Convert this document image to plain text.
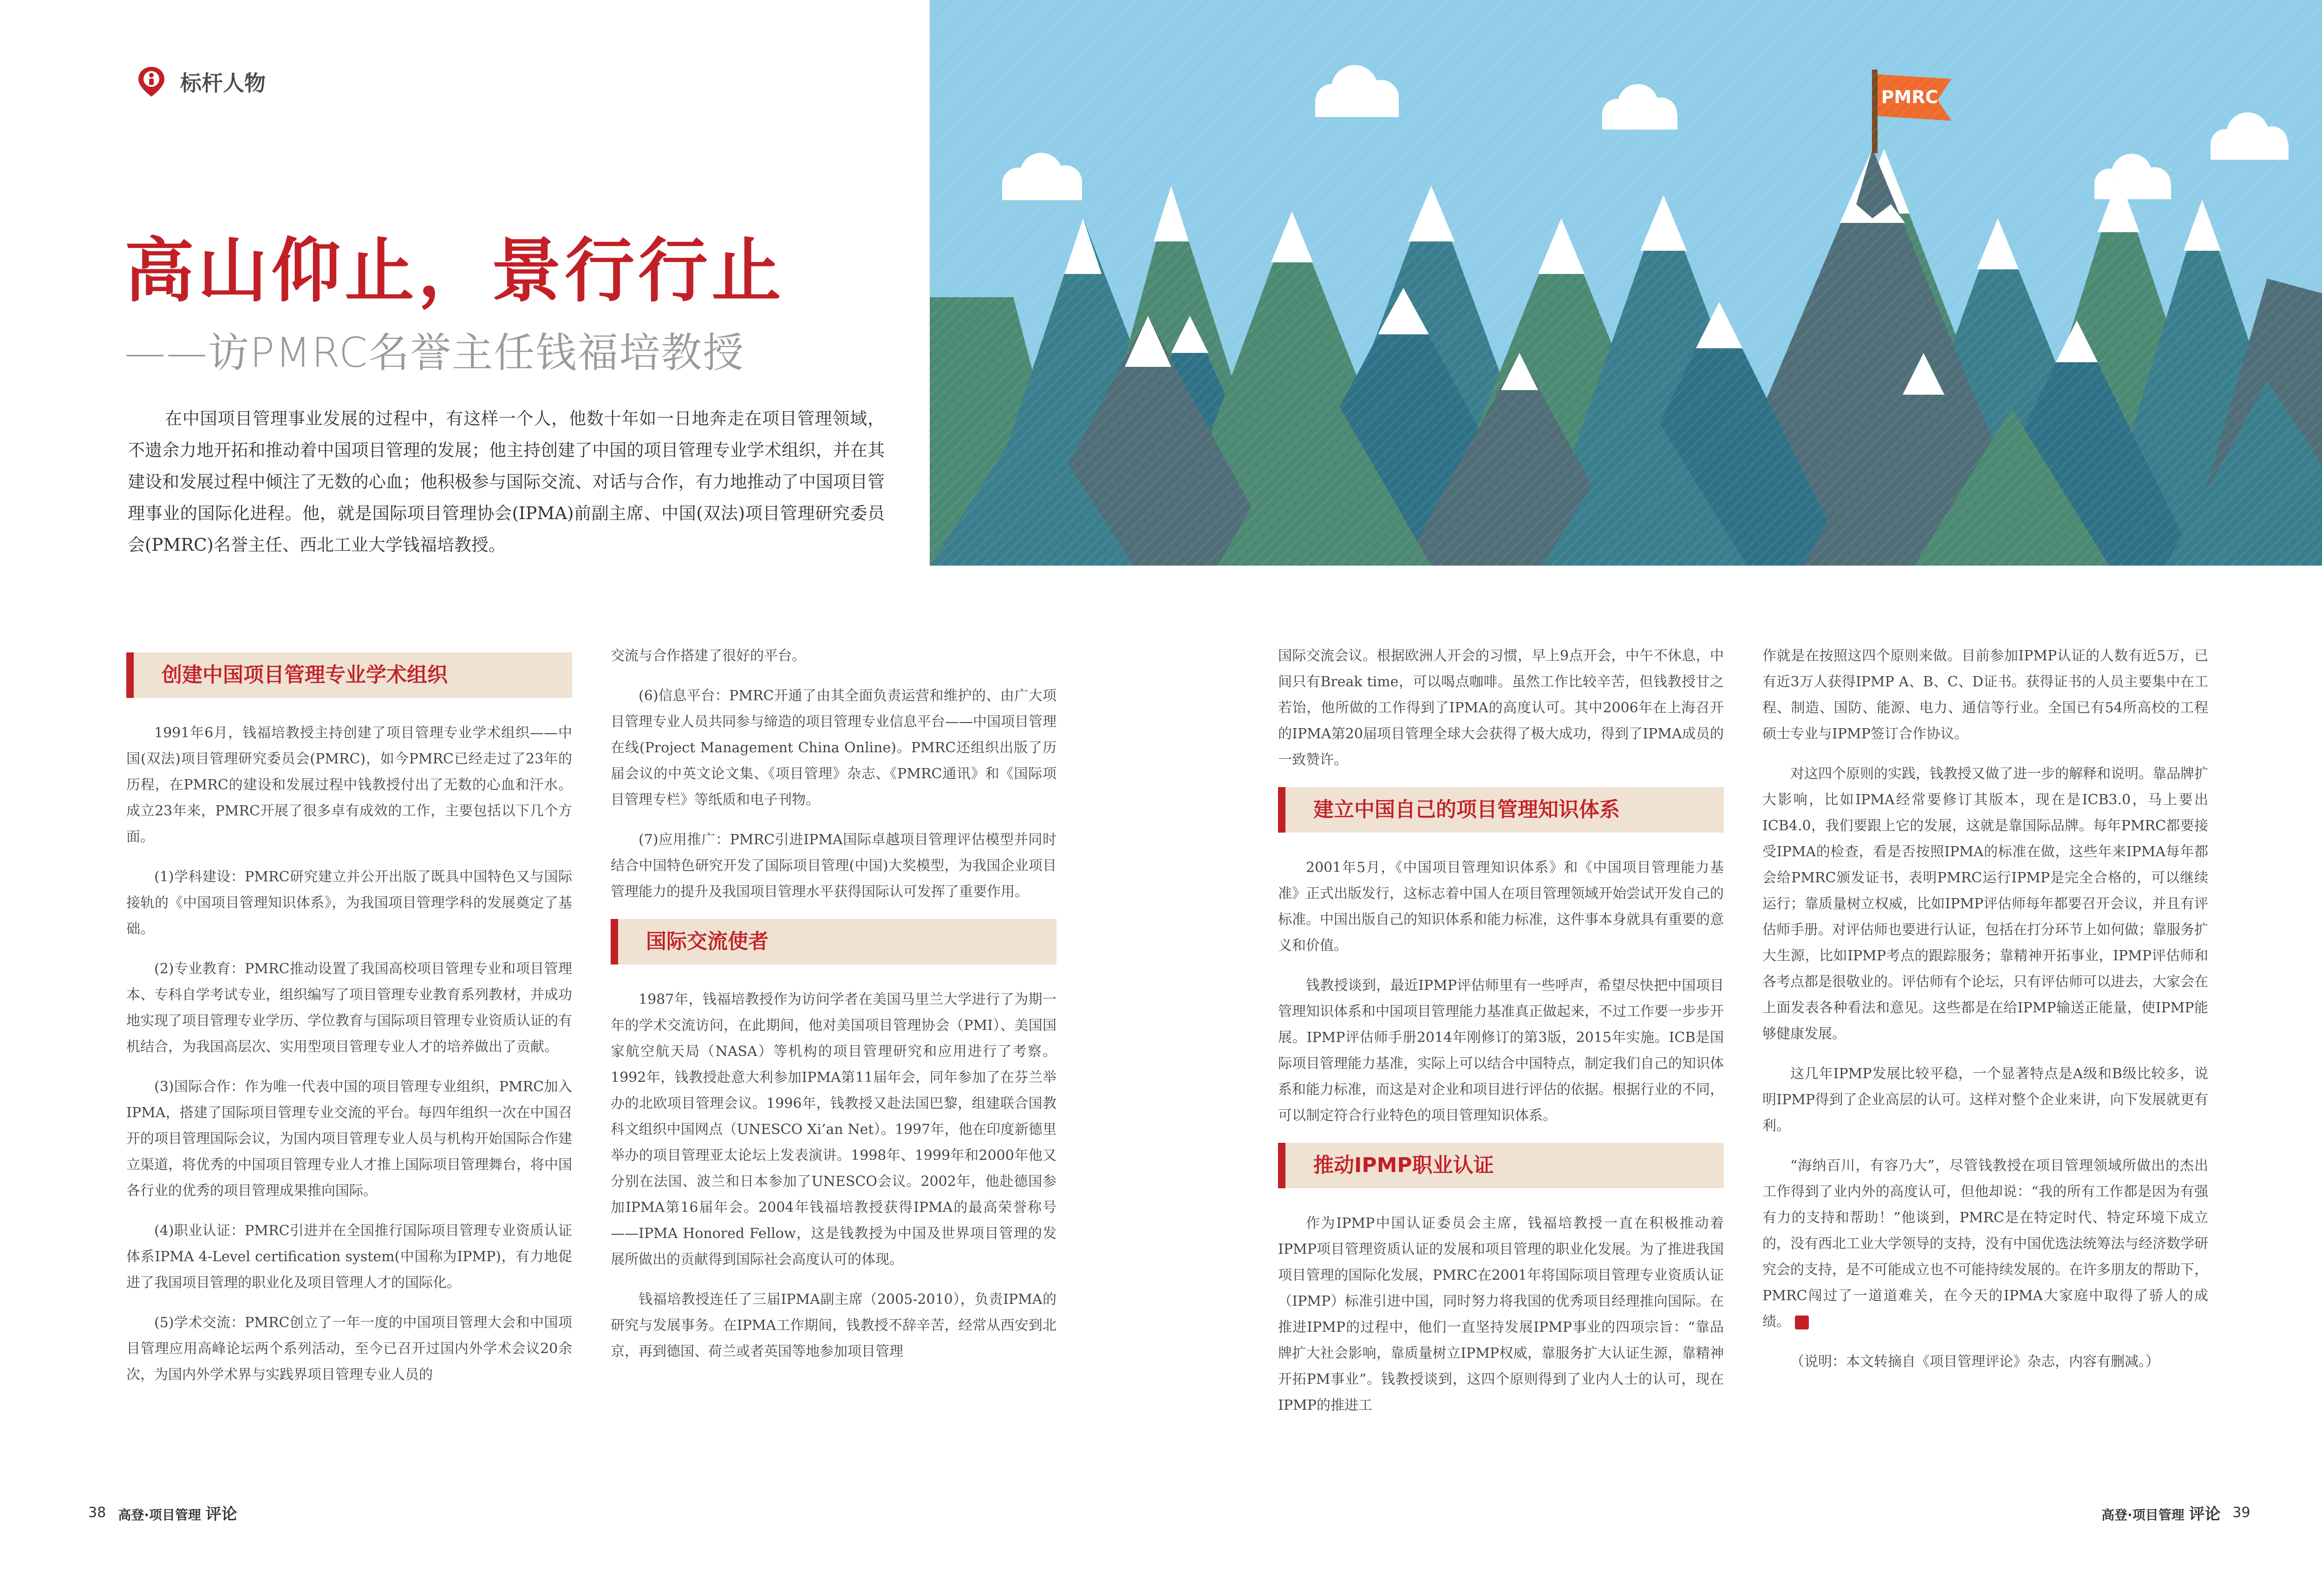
标杆人物
高山仰止，景行行止
——访PMRC名誉主任钱福培教授
在中国项目管理事业发展的过程中，有这样一个人，他数十年如一日地奔走在项目管理领域，不遗余力地开拓和推动着中国项目管理的发展；他主持创建了中国的项目管理专业学术组织，并在其建设和发展过程中倾注了无数的心血；他积极参与国际交流、对话与合作，有力地推动了中国项目管理事业的国际化进程。他，就是国际项目管理协会(IPMA)前副主席、中国(双法)项目管理研究委员会(PMRC)名誉主任、西北工业大学钱福培教授。
创建中国项目管理专业学术组织

1991年6月，钱福培教授主持创建了项目管理专业学术组织——中国(双法)项目管理研究委员会(PMRC)，如今PMRC已经走过了23年的历程，在PMRC的建设和发展过程中钱教授付出了无数的心血和汗水。成立23年来，PMRC开展了很多卓有成效的工作，主要包括以下几个方面。

(1)学科建设：PMRC研究建立并公开出版了既具中国特色又与国际接轨的《中国项目管理知识体系》，为我国项目管理学科的发展奠定了基础。

(2)专业教育：PMRC推动设置了我国高校项目管理专业和项目管理本、专科自学考试专业，组织编写了项目管理专业教育系列教材，并成功地实现了项目管理专业学历、学位教育与国际项目管理专业资质认证的有机结合，为我国高层次、实用型项目管理专业人才的培养做出了贡献。

(3)国际合作：作为唯一代表中国的项目管理专业组织，PMRC加入IPMA，搭建了国际项目管理专业交流的平台。每四年组织一次在中国召开的项目管理国际会议，为国内项目管理专业人员与机构开始国际合作建立渠道，将优秀的中国项目管理专业人才推上国际项目管理舞台，将中国各行业的优秀的项目管理成果推向国际。

(4)职业认证：PMRC引进并在全国推行国际项目管理专业资质认证体系IPMA 4-Level certification system(中国称为IPMP)，有力地促进了我国项目管理的职业化及项目管理人才的国际化。

(5)学术交流：PMRC创立了一年一度的中国项目管理大会和中国项目管理应用高峰论坛两个系列活动，至今已召开过国内外学术会议20余次，为国内外学术界与实践界项目管理专业人员的

交流与合作搭建了很好的平台。

(6)信息平台：PMRC开通了由其全面负责运营和维护的、由广大项目管理专业人员共同参与缔造的项目管理专业信息平台——中国项目管理在线(Project Management China Online)。PMRC还组织出版了历届会议的中英文论文集、《项目管理》杂志、《PMRC通讯》和《国际项目管理专栏》等纸质和电子刊物。

(7)应用推广：PMRC引进IPMA国际卓越项目管理评估模型并同时结合中国特色研究开发了国际项目管理(中国)大奖模型，为我国企业项目管理能力的提升及我国项目管理水平获得国际认可发挥了重要作用。

国际交流使者

1987年，钱福培教授作为访问学者在美国马里兰大学进行了为期一年的学术交流访问，在此期间，他对美国项目管理协会（PMI）、美国国家航空航天局（NASA）等机构的项目管理研究和应用进行了考察。1992年，钱教授赴意大利参加IPMA第11届年会，同年参加了在芬兰举办的北欧项目管理会议。1996年，钱教授又赴法国巴黎，组建联合国教科文组织中国网点（UNESCO Xi’an Net）。1997年，他在印度新德里举办的项目管理亚太论坛上发表演讲。1998年、1999年和2000年他又分别在法国、波兰和日本参加了UNESCO会议。2002年，他赴德国参加IPMA第16届年会。2004年钱福培教授获得IPMA的最高荣誉称号——IPMA Honored Fellow，这是钱教授为中国及世界项目管理的发展所做出的贡献得到国际社会高度认可的体现。

钱福培教授连任了三届IPMA副主席（2005-2010），负责IPMA的研究与发展事务。在IPMA工作期间，钱教授不辞辛苦，经常从西安到北京，再到德国、荷兰或者英国等地参加项目管理

国际交流会议。根据欧洲人开会的习惯，早上9点开会，中午不休息，中间只有Break time，可以喝点咖啡。虽然工作比较辛苦，但钱教授甘之若饴，他所做的工作得到了IPMA的高度认可。其中2006年在上海召开的IPMA第20届项目管理全球大会获得了极大成功，得到了IPMA成员的一致赞许。

建立中国自己的项目管理知识体系

2001年5月，《中国项目管理知识体系》和《中国项目管理能力基准》正式出版发行，这标志着中国人在项目管理领域开始尝试开发自己的标准。中国出版自己的知识体系和能力标准，这件事本身就具有重要的意义和价值。

钱教授谈到，最近IPMP评估师里有一些呼声，希望尽快把中国项目管理知识体系和中国项目管理能力基准真正做起来，不过工作要一步步开展。IPMP评估师手册2014年刚修订的第3版，2015年实施。ICB是国际项目管理能力基准，实际上可以结合中国特点，制定我们自己的知识体系和能力标准，而这是对企业和项目进行评估的依据。根据行业的不同，可以制定符合行业特色的项目管理知识体系。

推动IPMP职业认证

作为IPMP中国认证委员会主席，钱福培教授一直在积极推动着IPMP项目管理资质认证的发展和项目管理的职业化发展。为了推进我国项目管理的国际化发展，PMRC在2001年将国际项目管理专业资质认证（IPMP）标准引进中国，同时努力将我国的优秀项目经理推向国际。在推进IPMP的过程中，他们一直坚持发展IPMP事业的四项宗旨：“靠品牌扩大社会影响，靠质量树立IPMP权威，靠服务扩大认证生源，靠精神开拓PM事业”。钱教授谈到，这四个原则得到了业内人士的认可，现在IPMP的推进工

作就是在按照这四个原则来做。目前参加IPMP认证的人数有近5万，已有近3万人获得IPMP A、B、C、D证书。获得证书的人员主要集中在工程、制造、国防、能源、电力、通信等行业。全国已有54所高校的工程硕士专业与IPMP签订合作协议。

对这四个原则的实践，钱教授又做了进一步的解释和说明。靠品牌扩大影响，比如IPMA经常要修订其版本，现在是ICB3.0，马上要出ICB4.0，我们要跟上它的发展，这就是靠国际品牌。每年PMRC都要接受IPMA的检查，看是否按照IPMA的标准在做，这些年来IPMA每年都会给PMRC颁发证书，表明PMRC运行IPMP是完全合格的，可以继续运行；靠质量树立权威，比如IPMP评估师每年都要召开会议，并且有评估师手册。对评估师也要进行认证，包括在打分环节上如何做；靠服务扩大生源，比如IPMP考点的跟踪服务；靠精神开拓事业，IPMP评估师和各考点都是很敬业的。评估师有个论坛，只有评估师可以进去，大家会在上面发表各种看法和意见。这些都是在给IPMP输送正能量，使IPMP能够健康发展。

这几年IPMP发展比较平稳，一个显著特点是A级和B级比较多，说明IPMP得到了企业高层的认可。这样对整个企业来讲，向下发展就更有利。

“海纳百川，有容乃大”，尽管钱教授在项目管理领域所做出的杰出工作得到了业内外的高度认可，但他却说：“我的所有工作都是因为有强有力的支持和帮助！”他谈到，PMRC是在特定时代、特定环境下成立的，没有西北工业大学领导的支持，没有中国优选法统筹法与经济数学研究会的支持，是不可能成立也不可能持续发展的。在许多朋友的帮助下，PMRC闯过了一道道难关，在今天的IPMA大家庭中取得了骄人的成绩。

（说明：本文转摘自《项目管理评论》杂志，内容有删减。）

38 高登·项目管理 评论	高登·项目管理 评论 39
